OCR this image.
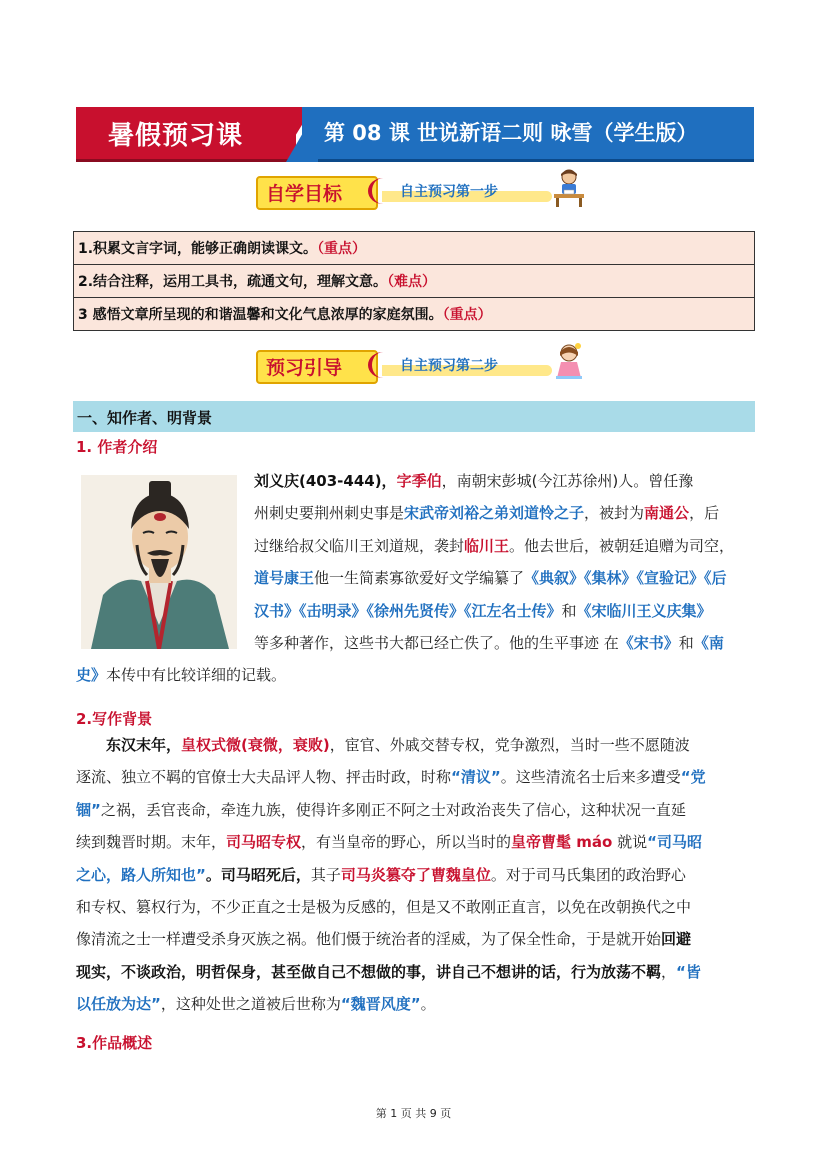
暑假预习课	第 08 课 世说新语二则 咏雪（学生版）
自学目标	自主预习第一步
1.积累文言字词，能够正确朗读课文。（重点）
2.结合注释，运用工具书，疏通文句，理解文意。（难点）
3 感悟文章所呈现的和谐温馨和文化气息浓厚的家庭氛围。（重点）
预习引导	自主预习第二步
一、知作者、明背景
1. 作者介绍
刘义庆(403-444)，字季伯，南朝宋彭城(今江苏徐州)人。曾任豫
州刺史要荆州刺史事是宋武帝刘裕之弟刘道怜之子，被封为南通公，后
过继给叔父临川王刘道规，袭封临川王。他去世后，被朝廷追赠为司空，
道号康王他一生简素寡欲爱好文学编纂了《典叙》《集林》《宣验记》《后
汉书》《击明录》《徐州先贤传》《江左名士传》和《宋临川王义庆集》
等多种著作，这些书大都已经亡佚了。他的生平事迹 在《宋书》和《南
史》本传中有比较详细的记载。
2.写作背景
　　东汉末年，皇权式微(衰微，衰败)，宦官、外戚交替专权，党争激烈，当时一些不愿随波
逐流、独立不羁的官僚士大夫品评人物、抨击时政，时称“清议”。这些清流名士后来多遭受“党
锢”之祸，丢官丧命，牵连九族，使得许多刚正不阿之士对政治丧失了信心，这种状况一直延
续到魏晋时期。末年，司马昭专权，有当皇帝的野心，所以当时的皇帝曹髦 máo 就说“司马昭
之心，路人所知也”。司马昭死后，其子司马炎篡夺了曹魏皇位。对于司马氏集团的政治野心
和专权、篡权行为，不少正直之士是极为反感的，但是又不敢刚正直言，以免在改朝换代之中
像清流之士一样遭受杀身灭族之祸。他们慑于统治者的淫威，为了保全性命，于是就开始回避
现实，不谈政治，明哲保身，甚至做自己不想做的事，讲自己不想讲的话，行为放荡不羁，“皆
以任放为达”，这种处世之道被后世称为“魏晋风度”。
3.作品概述
第 1 页 共 9 页
